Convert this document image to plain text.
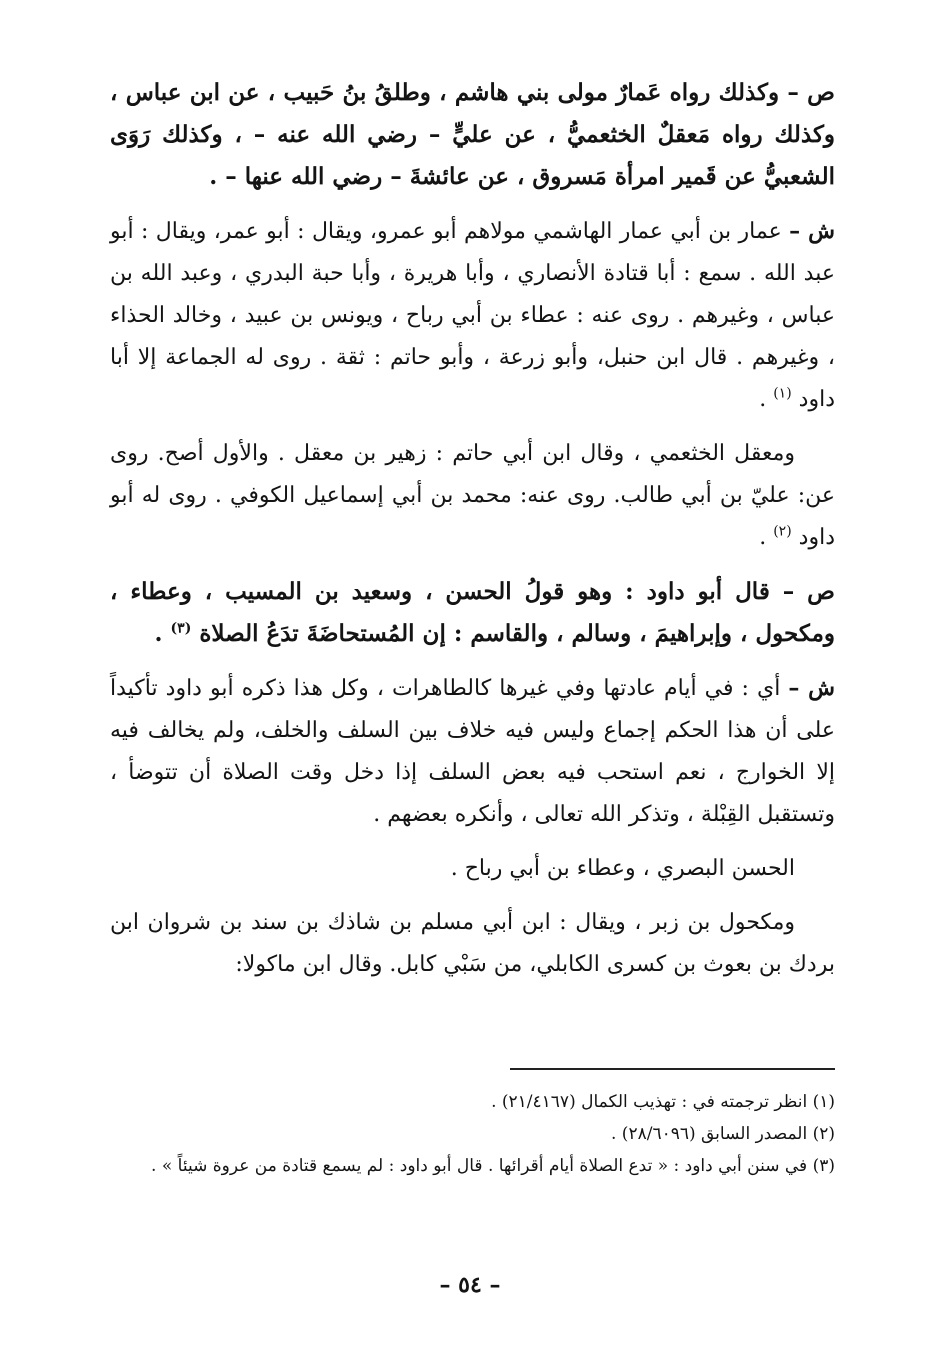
ص – وكذلك رواه عَمارٌ مولى بني هاشم ، وطلقُ بنُ حَبيب ، عن ابن عباس ، وكذلك رواه مَعقلٌ الخثعميُّ ، عن عليٍّ – رضي الله عنه – ، وكذلك رَوَى الشعبيُّ عن قَمير امرأة مَسروق ، عن عائشةَ – رضي الله عنها – .

ش – عمار بن أبي عمار الهاشمي مولاهم أبو عمرو، ويقال : أبو عمر، ويقال : أبو عبد الله . سمع : أبا قتادة الأنصاري ، وأبا هريرة ، وأبا حبة البدري ، وعبد الله بن عباس ، وغيرهم . روى عنه : عطاء بن أبي رباح ، ويونس بن عبيد ، وخالد الحذاء ، وغيرهم . قال ابن حنبل، وأبو زرعة ، وأبو حاتم : ثقة . روى له الجماعة إلا أبا داود $^{(١)}$ .

ومعقل الخثعمي ، وقال ابن أبي حاتم : زهير بن معقل . والأول أصح. روى عن: عليّ بن أبي طالب. روى عنه: محمد بن أبي إسماعيل الكوفي . روى له أبو داود $^{(٢)}$ .

ص – قال أبو داود : وهو قولُ الحسن ، وسعيد بن المسيب ، وعطاء ، ومكحول ، وإبراهيمَ ، وسالم ، والقاسم : إن المُستحاضَةَ تدَعُ الصلاة $^{(٣)}$ .

ش – أي : في أيام عادتها وفي غيرها كالطاهرات ، وكل هذا ذكره أبو داود تأكيداً على أن هذا الحكم إجماع وليس فيه خلاف بين السلف والخلف، ولم يخالف فيه إلا الخوارج ، نعم استحب فيه بعض السلف إذا دخل وقت الصلاة أن تتوضأ ، وتستقبل القِبْلة ، وتذكر الله تعالى ، وأنكره بعضهم .

الحسن البصري ، وعطاء بن أبي رباح .

ومكحول بن زبر ، ويقال : ابن أبي مسلم بن شاذك بن سند بن شروان ابن بردك بن بعوث بن كسرى الكابلي، من سَبْي كابل. وقال ابن ماكولا:

(١) انظر ترجمته في : تهذيب الكمال (٢١/٤١٦٧) .

(٢) المصدر السابق (٢٨/٦٠٩٦) .

(٣) في سنن أبي داود : « تدع الصلاة أيام أقرائها . قال أبو داود : لم يسمع قتادة من عروة شيئاً » .

– ٥٤ –
